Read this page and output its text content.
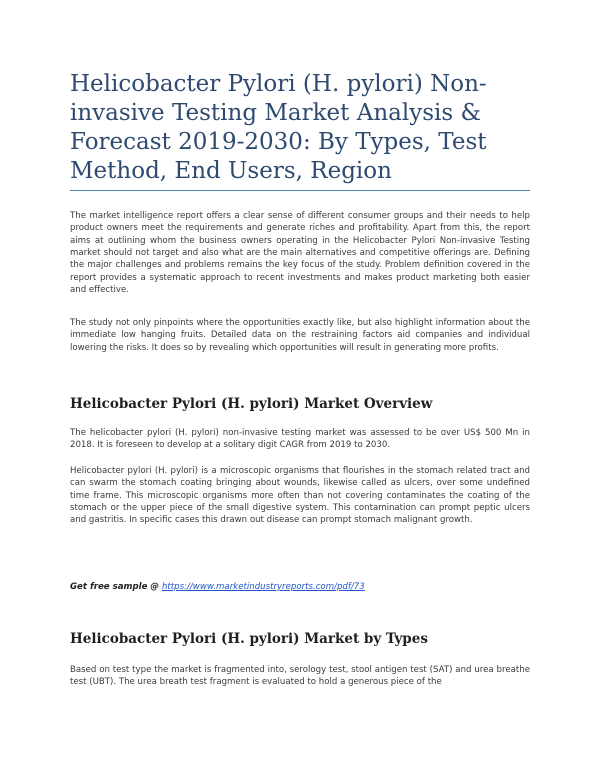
Helicobacter Pylori (H. pylori) Non-invasive Testing Market Analysis & Forecast 2019-2030: By Types, Test Method, End Users, Region

The market intelligence report offers a clear sense of different consumer groups and their needs to help product owners meet the requirements and generate riches and profitability. Apart from this, the report aims at outlining whom the business owners operating in the Helicobacter Pylori Non-invasive Testing market should not target and also what are the main alternatives and competitive offerings are. Defining the major challenges and problems remains the key focus of the study. Problem definition covered in the report provides a systematic approach to recent investments and makes product marketing both easier and effective.

The study not only pinpoints where the opportunities exactly like, but also highlight information about the immediate low hanging fruits. Detailed data on the restraining factors aid companies and individual lowering the risks. It does so by revealing which opportunities will result in generating more profits.

Helicobacter Pylori (H. pylori) Market Overview

The helicobacter pylori (H. pylori) non-invasive testing market was assessed to be over US$ 500 Mn in 2018. It is foreseen to develop at a solitary digit CAGR from 2019 to 2030.

Helicobacter pylori (H. pylori) is a microscopic organisms that flourishes in the stomach related tract and can swarm the stomach coating bringing about wounds, likewise called as ulcers, over some undefined time frame. This microscopic organisms more often than not covering contaminates the coating of the stomach or the upper piece of the small digestive system. This contamination can prompt peptic ulcers and gastritis. In specific cases this drawn out disease can prompt stomach malignant growth.

Get free sample @ https://www.marketindustryreports.com/pdf/73

Helicobacter Pylori (H. pylori) Market by Types

Based on test type the market is fragmented into, serology test, stool antigen test (SAT) and urea breathe test (UBT). The urea breath test fragment is evaluated to hold a generous piece of the
